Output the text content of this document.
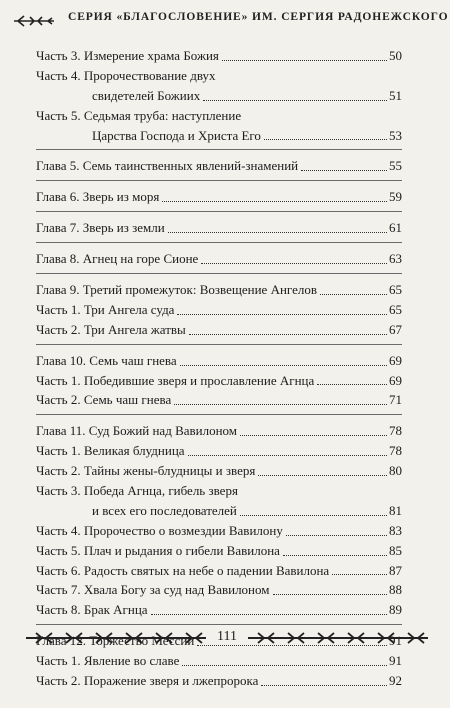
СЕРИЯ «БЛАГОСЛОВЕНИЕ» ИМ. СЕРГИЯ РАДОНЕЖСКОГО
Часть 3. Измерение храма Божия	50
Часть 4. Пророчествование двух
свидетелей Божиих	51
Часть 5. Седьмая труба: наступление
Царства Господа и Христа Его	53
Глава 5. Семь таинственных явлений-знамений	55
Глава 6. Зверь из моря	59
Глава 7. Зверь из земли	61
Глава 8. Агнец на горе Сионе	63
Глава 9. Третий промежуток: Возвещение Ангелов	65
Часть 1. Три Ангела суда	65
Часть 2. Три Ангела жатвы	67
Глава 10. Семь чаш гнева	69
Часть 1. Победившие зверя и прославление Агнца	69
Часть 2. Семь чаш гнева	71
Глава 11. Суд Божий над Вавилоном	78
Часть 1. Великая блудница	78
Часть 2. Тайны жены-блудницы и зверя	80
Часть 3. Победа Агнца, гибель зверя
и всех его последователей	81
Часть 4. Пророчество о возмездии Вавилону	83
Часть 5. Плач и рыдания о гибели Вавилона	85
Часть 6. Радость святых на небе о падении Вавилона	87
Часть 7. Хвала Богу за суд над Вавилоном	88
Часть 8. Брак Агнца	89
Глава 12. Торжество Мессии	91
Часть 1. Явление во славе	91
Часть 2. Поражение зверя и лжепророка	92
111
